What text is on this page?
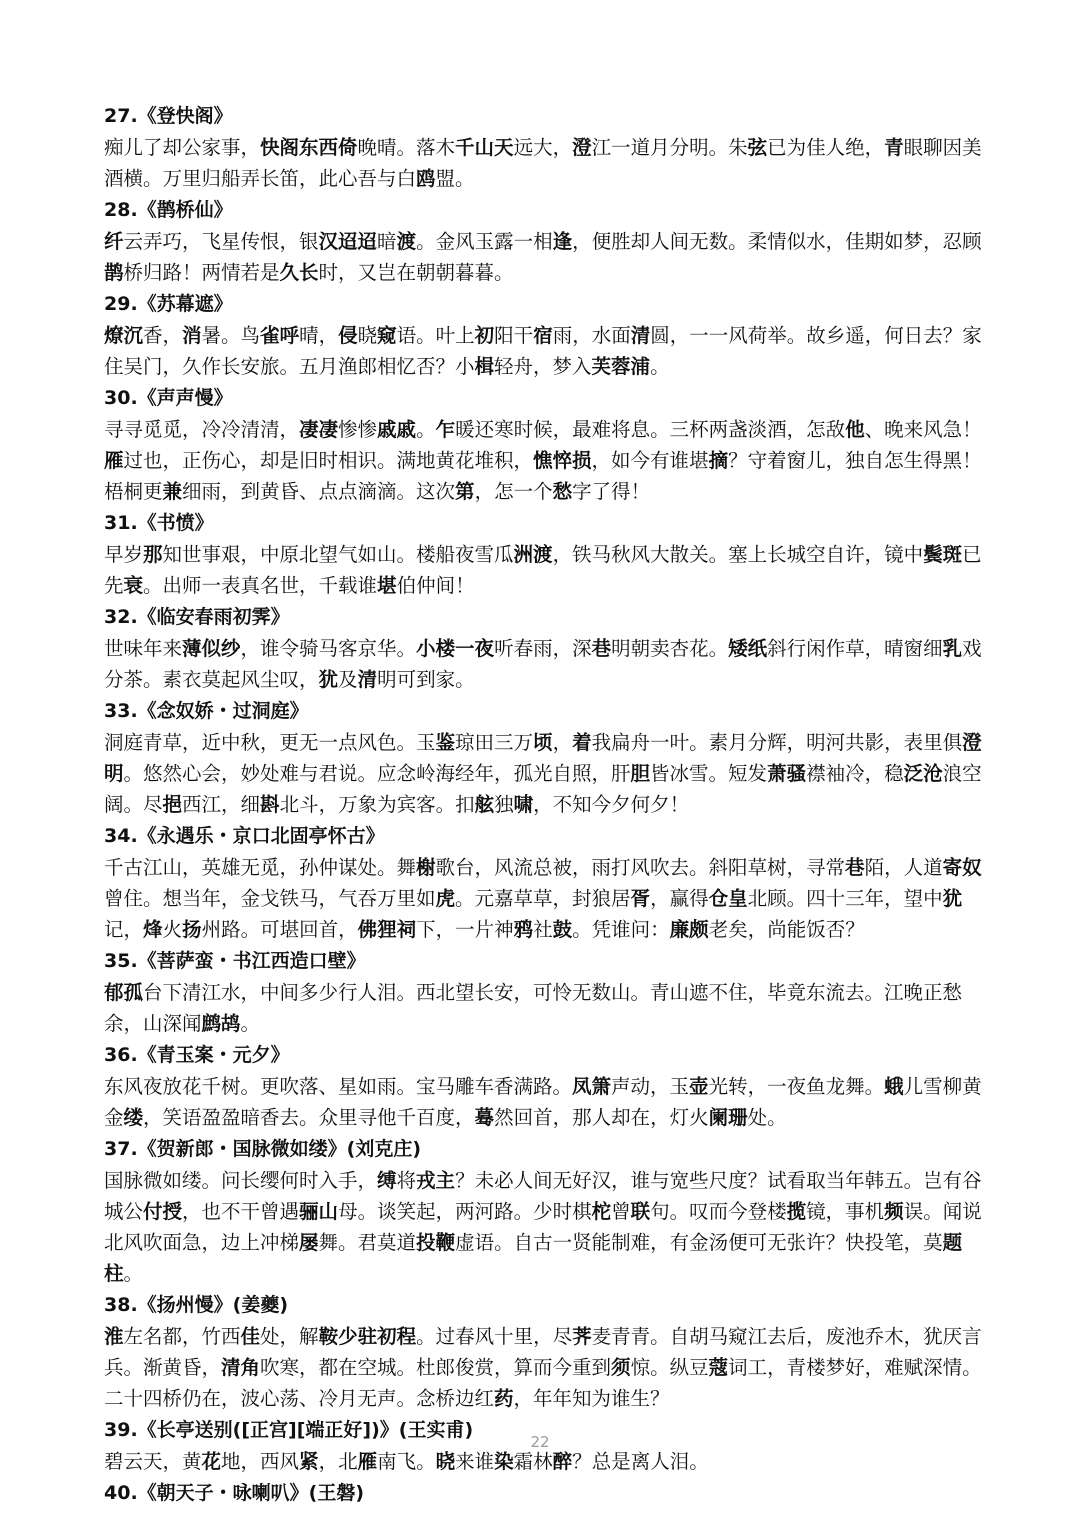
27.《登快阁》
痴儿了却公家事，快阁东西倚晚晴。落木千山天远大，澄江一道月分明。朱弦已为佳人绝，青眼聊因美酒横。万里归船弄长笛，此心吾与白鸥盟。
28.《鹊桥仙》
纤云弄巧，飞星传恨，银汉迢迢暗渡。金风玉露一相逢，便胜却人间无数。柔情似水，佳期如梦，忍顾鹊桥归路！两情若是久长时，又岂在朝朝暮暮。
29.《苏幕遮》
燎沉香，消暑。鸟雀呼晴，侵晓窥语。叶上初阳干宿雨，水面清圆，一一风荷举。故乡遥，何日去？家住吴门，久作长安旅。五月渔郎相忆否？小楫轻舟，梦入芙蓉浦。
30.《声声慢》
寻寻觅觅，冷冷清清，凄凄惨惨戚戚。乍暖还寒时候，最难将息。三杯两盏淡酒，怎敌他、晚来风急！雁过也，正伤心，却是旧时相识。满地黄花堆积，憔悴损，如今有谁堪摘？守着窗儿，独自怎生得黑！梧桐更兼细雨，到黄昏、点点滴滴。这次第，怎一个愁字了得！
31.《书愤》
早岁那知世事艰，中原北望气如山。楼船夜雪瓜洲渡，铁马秋风大散关。塞上长城空自许，镜中鬓斑已先衰。出师一表真名世，千载谁堪伯仲间！
32.《临安春雨初霁》
世味年来薄似纱，谁令骑马客京华。小楼一夜听春雨，深巷明朝卖杏花。矮纸斜行闲作草，晴窗细乳戏分茶。素衣莫起风尘叹，犹及清明可到家。
33.《念奴娇・过洞庭》
洞庭青草，近中秋，更无一点风色。玉鉴琼田三万顷，着我扁舟一叶。素月分辉，明河共影，表里俱澄明。悠然心会，妙处难与君说。应念岭海经年，孤光自照，肝胆皆冰雪。短发萧骚襟袖冷，稳泛沧浪空阔。尽挹西江，细斟北斗，万象为宾客。扣舷独啸，不知今夕何夕！
34.《永遇乐・京口北固亭怀古》
千古江山，英雄无觅，孙仲谋处。舞榭歌台，风流总被，雨打风吹去。斜阳草树，寻常巷陌，人道寄奴曾住。想当年，金戈铁马，气吞万里如虎。元嘉草草，封狼居胥，赢得仓皇北顾。四十三年，望中犹记，烽火扬州路。可堪回首，佛狸祠下，一片神鸦社鼓。凭谁问：廉颇老矣，尚能饭否？
35.《菩萨蛮・书江西造口壁》
郁孤台下清江水，中间多少行人泪。西北望长安，可怜无数山。青山遮不住，毕竟东流去。江晚正愁余，山深闻鹧鸪。
36.《青玉案・元夕》
东风夜放花千树。更吹落、星如雨。宝马雕车香满路。凤箫声动，玉壶光转，一夜鱼龙舞。蛾儿雪柳黄金缕，笑语盈盈暗香去。众里寻他千百度，蓦然回首，那人却在，灯火阑珊处。
37.《贺新郎・国脉微如缕》(刘克庄)
国脉微如缕。问长缨何时入手，缚将戎主？未必人间无好汉，谁与宽些尺度？试看取当年韩五。岂有谷城公付授，也不干曾遇骊山母。谈笑起，两河路。少时棋柁曾联句。叹而今登楼揽镜，事机频误。闻说北风吹面急，边上冲梯屡舞。君莫道投鞭虚语。自古一贤能制难，有金汤便可无张许？快投笔，莫题柱。
38.《扬州慢》(姜夔)
淮左名都，竹西佳处，解鞍少驻初程。过春风十里，尽荠麦青青。自胡马窥江去后，废池乔木，犹厌言兵。渐黄昏，清角吹寒，都在空城。杜郎俊赏，算而今重到须惊。纵豆蔻词工，青楼梦好，难赋深情。二十四桥仍在，波心荡、冷月无声。念桥边红药，年年知为谁生？
39.《长亭送别([正宫][端正好])》(王实甫)
碧云天，黄花地，西风紧，北雁南飞。晓来谁染霜林醉？总是离人泪。
40.《朝天子・咏喇叭》(王磐)
22
